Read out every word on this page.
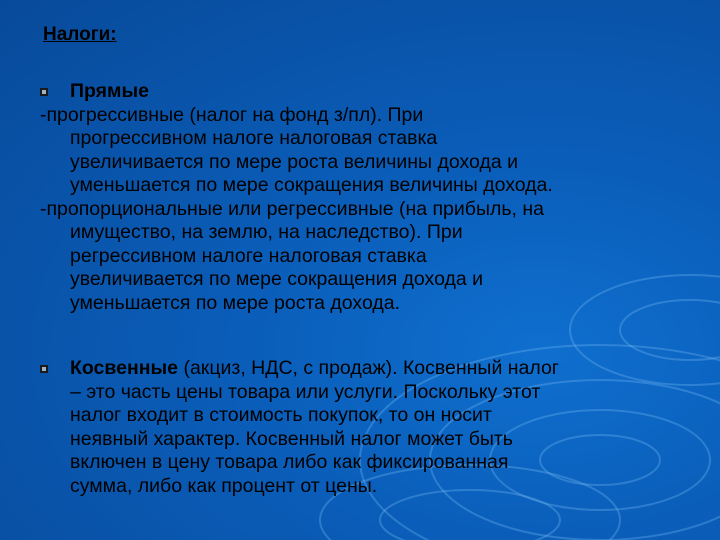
Налоги:
Прямые
-прогрессивные (налог на фонд з/пл). При
прогрессивном налоге налоговая ставка
увеличивается по мере роста величины дохода и
уменьшается по мере сокращения величины дохода.
-пропорциональные или регрессивные (на прибыль, на
имущество, на землю, на наследство). При
регрессивном налоге налоговая ставка
увеличивается по мере сокращения дохода и
уменьшается по мере роста дохода.
Косвенные (акциз, НДС, с продаж). Косвенный налог
– это часть цены товара или услуги. Поскольку этот
налог входит в стоимость покупок, то он носит
неявный характер. Косвенный налог может быть
включен в цену товара либо как фиксированная
сумма, либо как процент от цены.
